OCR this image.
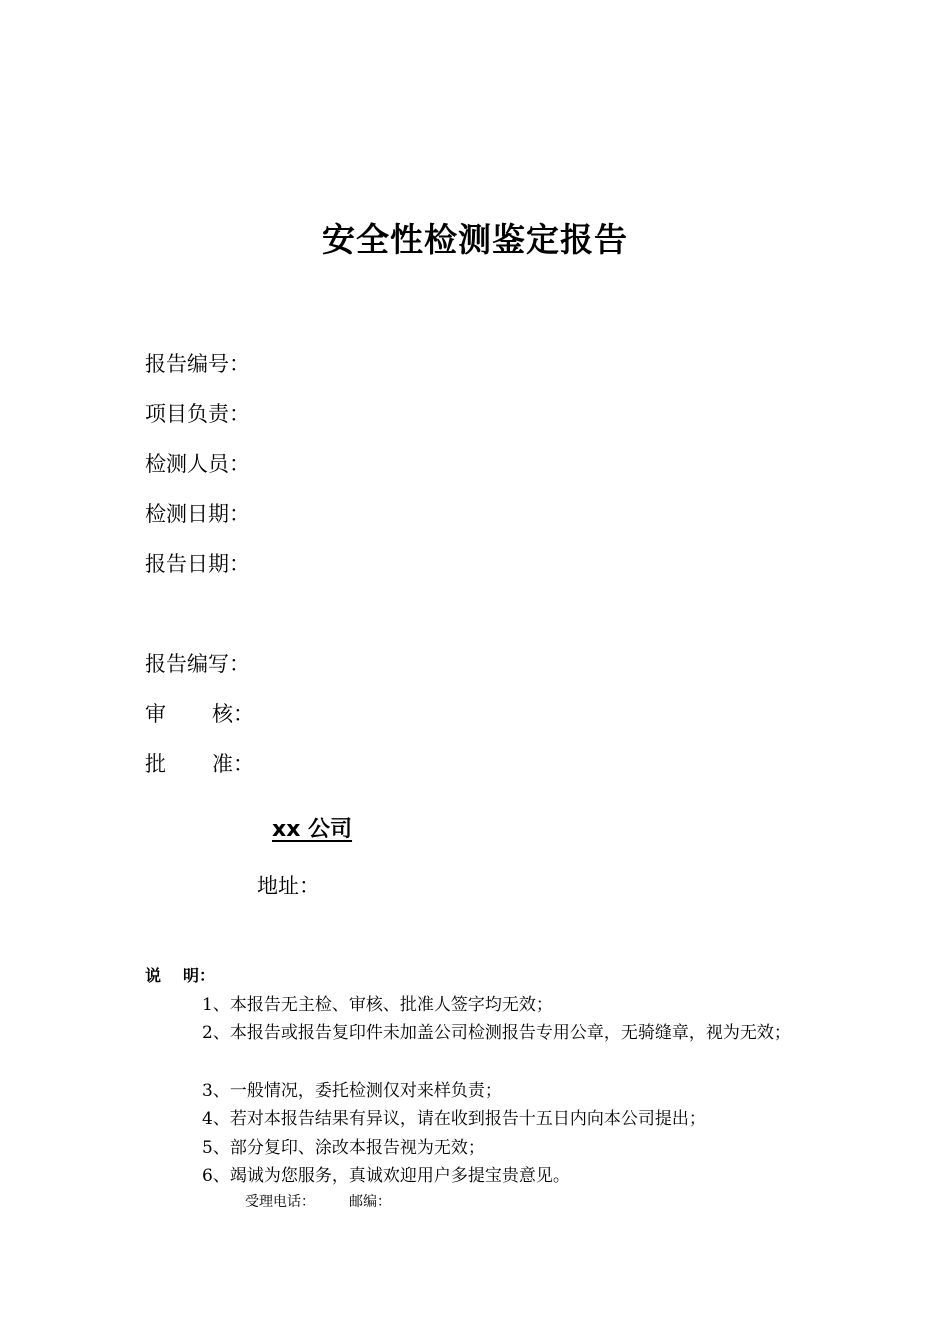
安全性检测鉴定报告
报告编号：
项目负责：
检测人员：
检测日期：
报告日期：
报告编写：
审 核：
批 准：
xx 公司
地址：
说 明：
1、本报告无主检、审核、批准人签字均无效；
2、本报告或报告复印件未加盖公司检测报告专用公章，无骑缝章，视为无效；
3、一般情况，委托检测仅对来样负责；
4、若对本报告结果有异议，请在收到报告十五日内向本公司提出；
5、部分复印、涂改本报告视为无效；
6、竭诚为您服务，真诚欢迎用户多提宝贵意见。
受理电话： 邮编：
